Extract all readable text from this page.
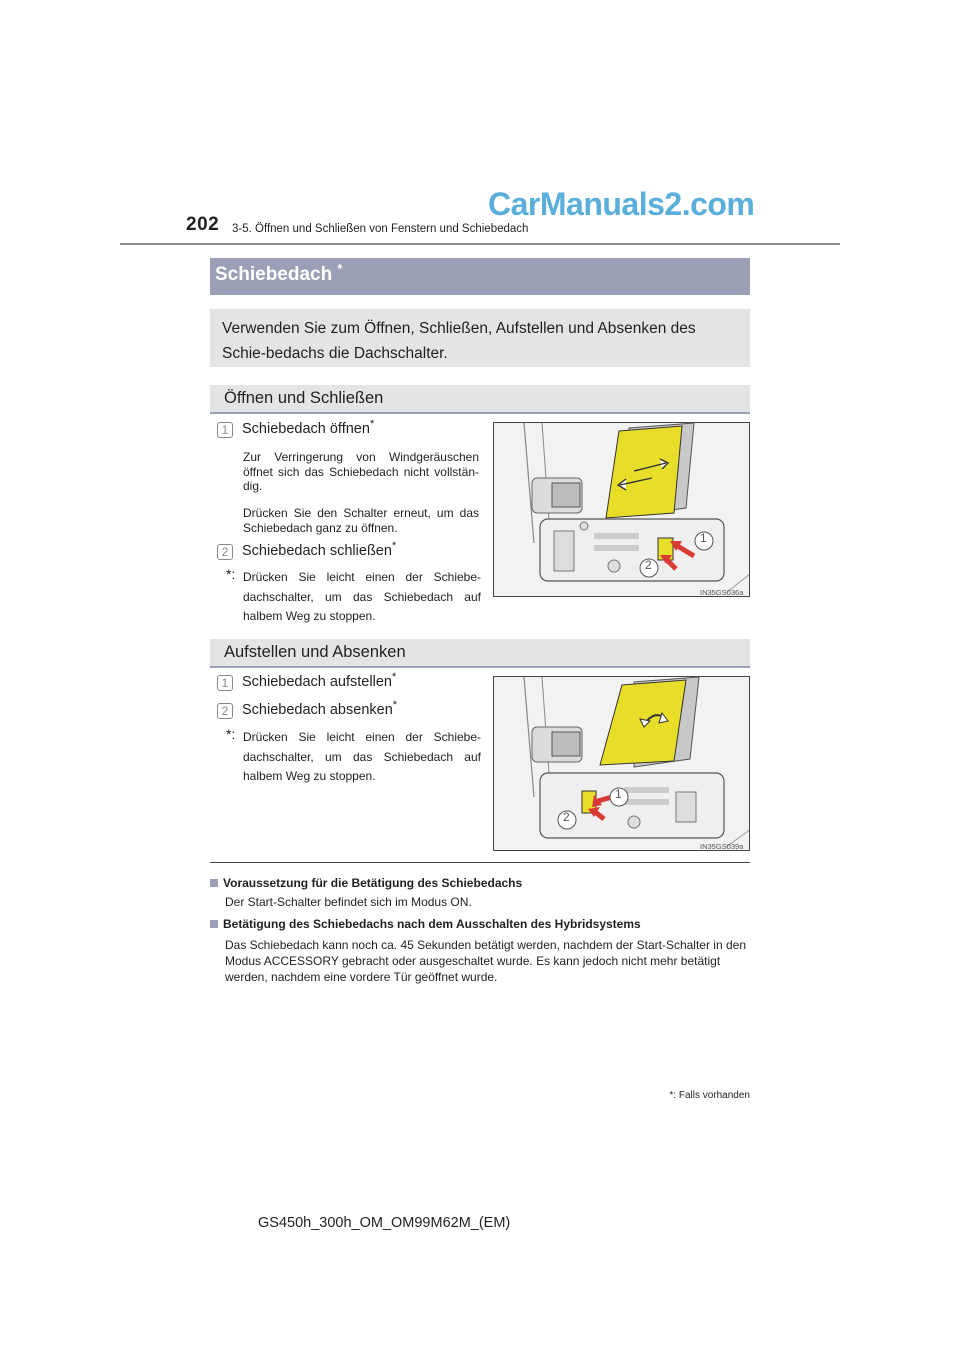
202 3-5. Öffnen und Schließen von Fenstern und Schiebedach
CarManuals2.com
Schiebedach *
Verwenden Sie zum Öffnen, Schließen, Aufstellen und Absenken des Schie-bedachs die Dachschalter.
Öffnen und Schließen
1 Schiebedach öffnen*
Zur Verringerung von Windgeräuschen öffnet sich das Schiebedach nicht vollstän-dig.
Drücken Sie den Schalter erneut, um das Schiebedach ganz zu öffnen.
2 Schiebedach schließen*
*: Drücken Sie leicht einen der Schiebe-dachschalter, um das Schiebedach auf halbem Weg zu stoppen.
1
2
IN35GS036a
Aufstellen und Absenken
1 Schiebedach aufstellen*
2 Schiebedach absenken*
*: Drücken Sie leicht einen der Schiebe-dachschalter, um das Schiebedach auf halbem Weg zu stoppen.
1
2
IN35GS039a
Voraussetzung für die Betätigung des Schiebedachs
Der Start-Schalter befindet sich im Modus ON.
Betätigung des Schiebedachs nach dem Ausschalten des Hybridsystems
Das Schiebedach kann noch ca. 45 Sekunden betätigt werden, nachdem der Start-Schalter in den Modus ACCESSORY gebracht oder ausgeschaltet wurde. Es kann jedoch nicht mehr betätigt werden, nachdem eine vordere Tür geöffnet wurde.
*: Falls vorhanden
GS450h_300h_OM_OM99M62M_(EM)
